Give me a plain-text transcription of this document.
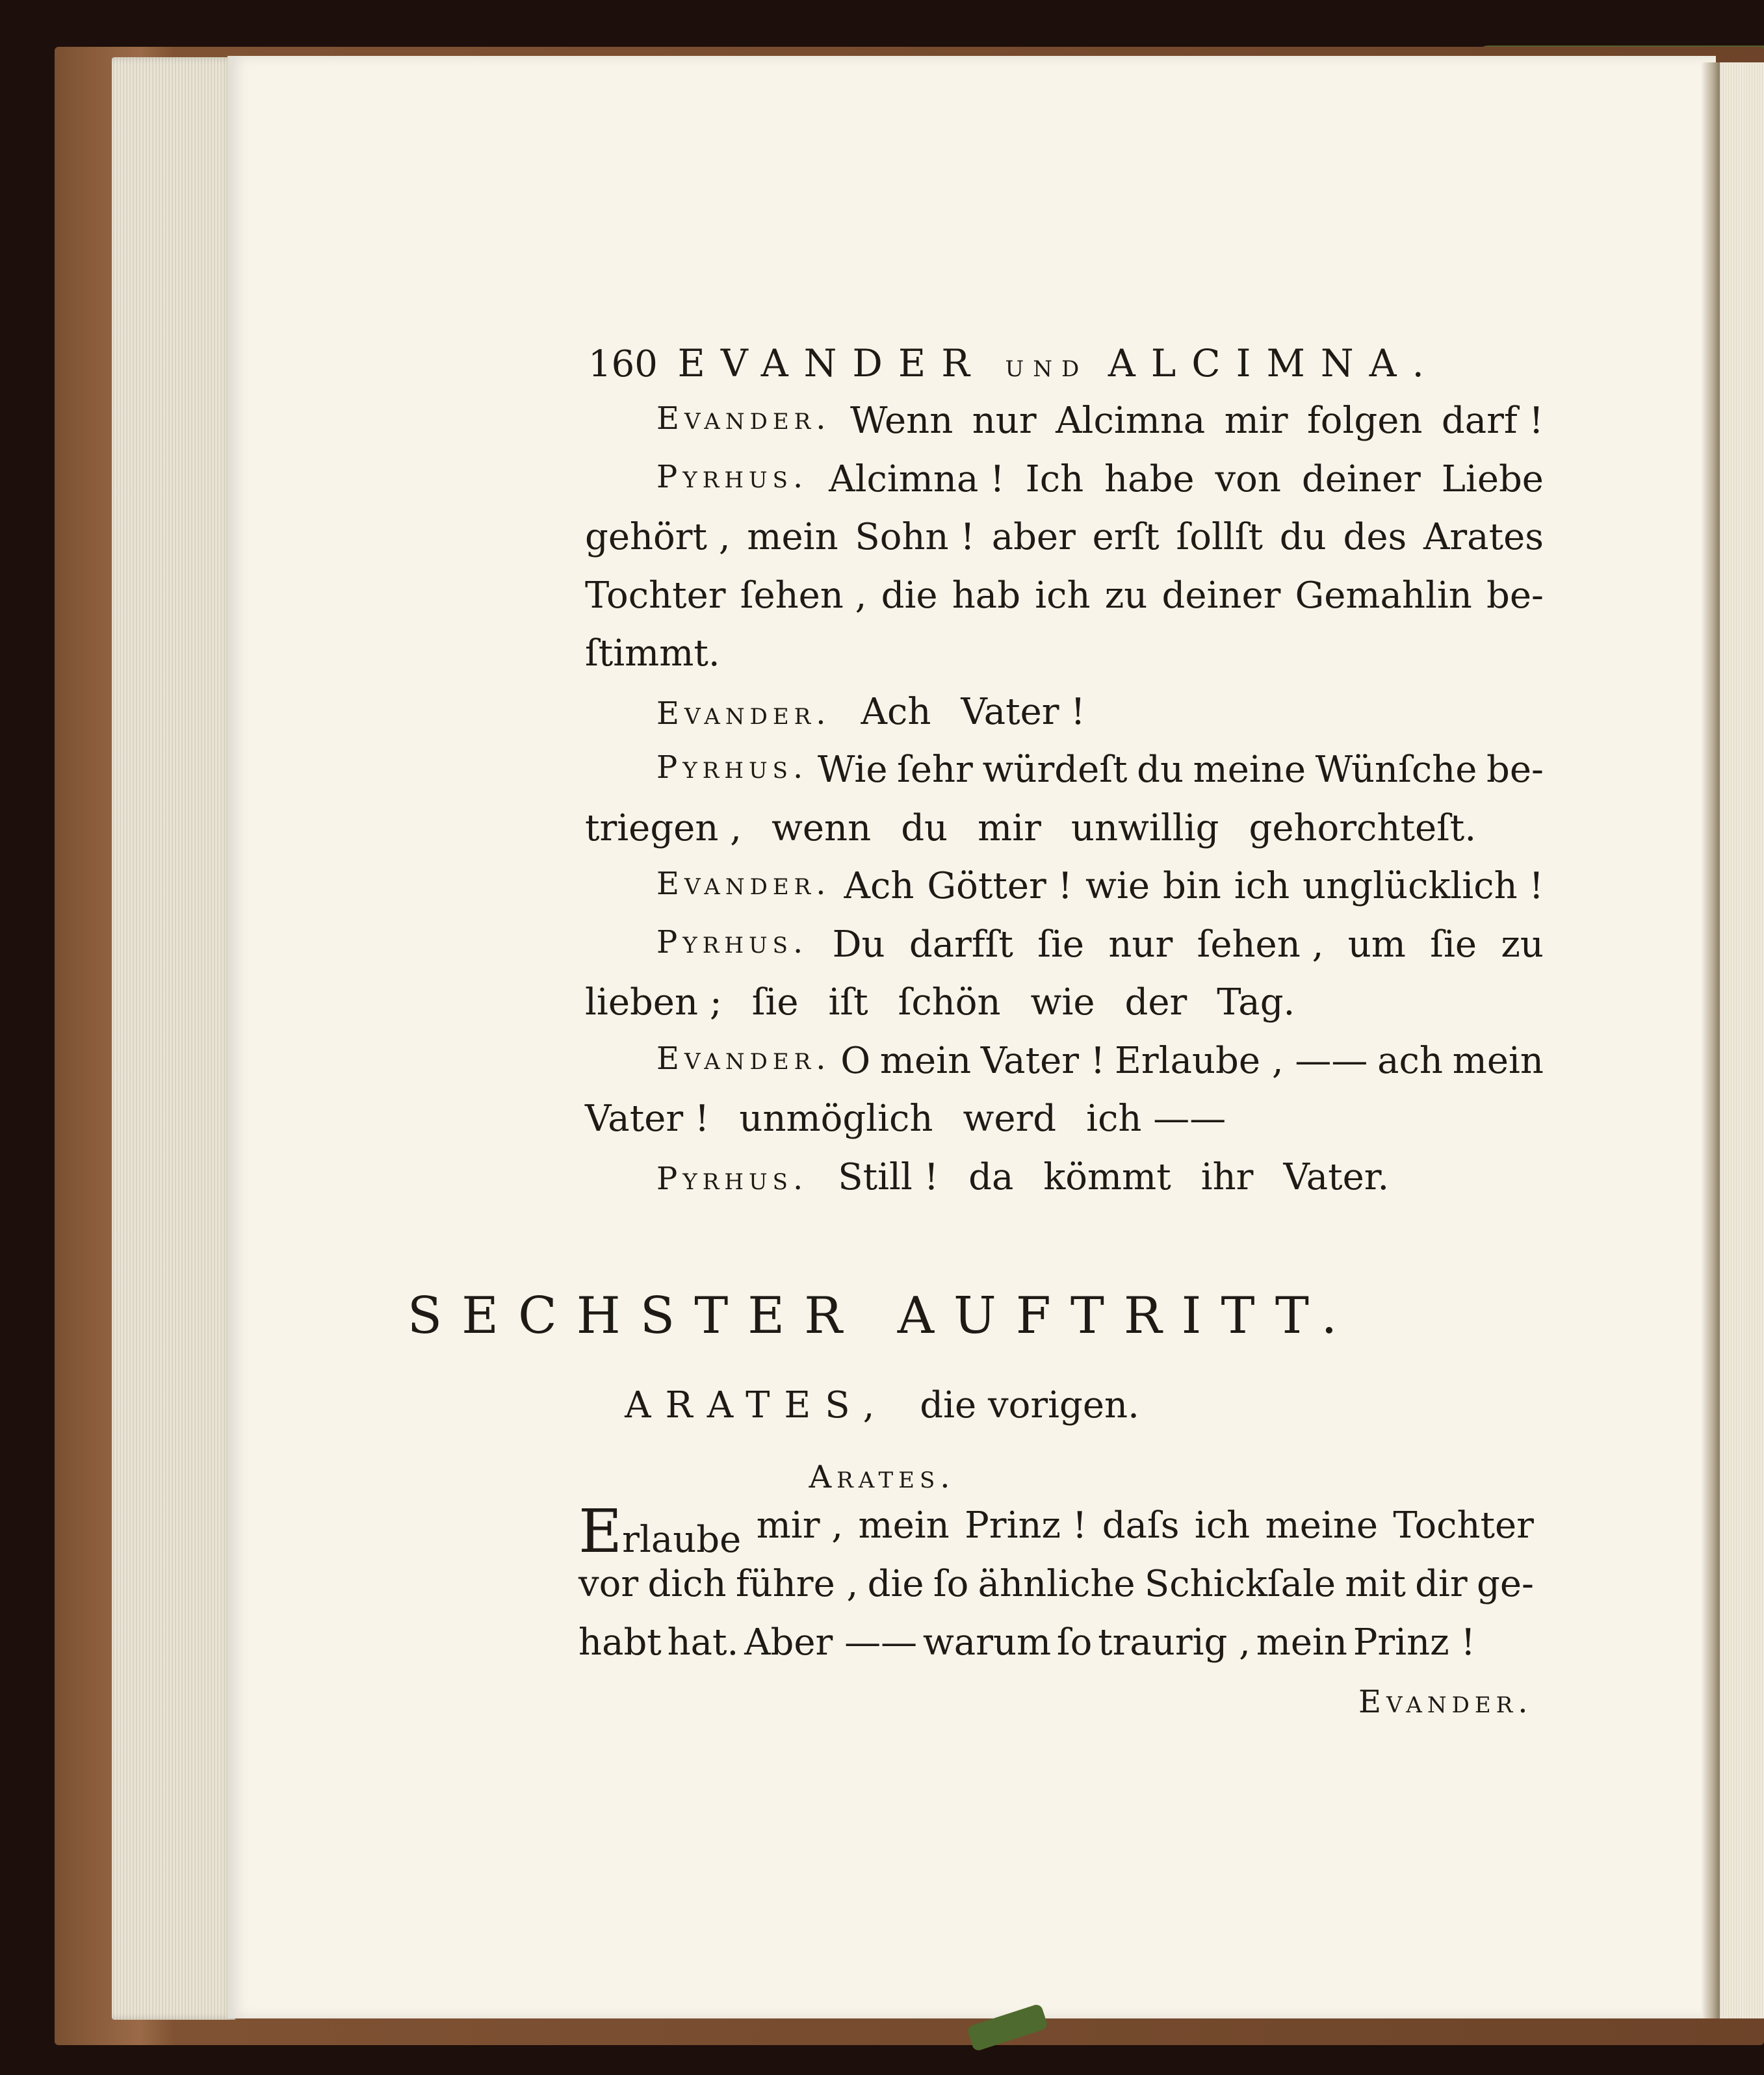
160 EVANDER UND ALCIMNA.
Evander. Wenn nur Alcimna mir folgen darf !
Pyrhus. Alcimna ! Ich habe von deiner Liebe
gehört , mein Sohn ! aber erſt ſollſt du des Arates
Tochter ſehen , die hab ich zu deiner Gemahlin be-
ſtimmt.
Evander. Ach Vater !
Pyrhus. Wie ſehr würdeſt du meine Wünſche be-
triegen , wenn du mir unwillig gehorchteſt.
Evander. Ach Götter ! wie bin ich unglücklich !
Pyrhus. Du darfſt ſie nur ſehen , um ſie zu
lieben ; ſie iſt ſchön wie der Tag.
Evander. O mein Vater ! Erlaube , —— ach mein
Vater ! unmöglich werd ich ——
Pyrhus. Still ! da kömmt ihr Vater.
SECHSTER AUFTRITT.
ARATES, die vorigen.
Arates.
Erlaube mir , mein Prinz ! daſs ich meine Tochter
vor dich führe , die ſo ähnliche Schickſale mit dir ge-
habt hat. Aber —— warum ſo traurig , mein Prinz !
Evander.
